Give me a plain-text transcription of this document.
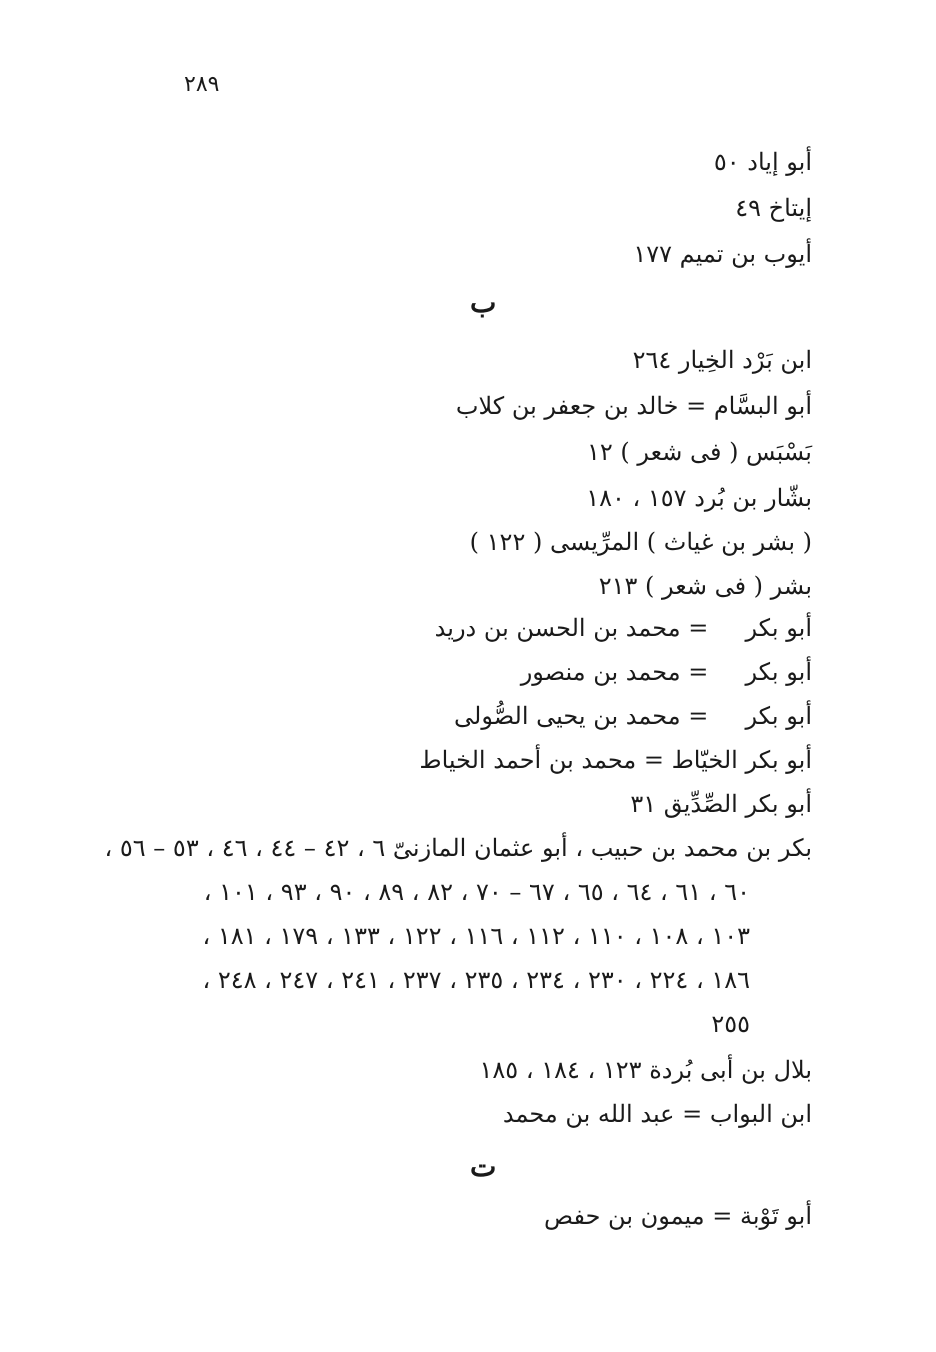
٢٨٩
أبو إياد ٥٠
إيتاخ ٤٩
أيوب بن تميم ١٧٧
ب
ابن بَرْد الخِيار ٢٦٤
أبو البسَّام = خالد بن جعفر بن كلاب
بَسْبَس ( فى شعر ) ١٢
بشّار بن بُرد ١٥٧ ، ١٨٠
( بشر بن غياث ) المرِّيسى ( ١٢٢ )
بشر ( فى شعر ) ٢١٣
أبو بكر = محمد بن الحسن بن دريد
أبو بكر = محمد بن منصور
أبو بكر = محمد بن يحيى الصُّولى
أبو بكر الخيّاط = محمد بن أحمد الخياط
أبو بكر الصِّدِّيق ٣١
بكر بن محمد بن حبيب ، أبو عثمان المازنىّ ٦ ، ٤٢ – ٤٤ ، ٤٦ ، ٥٣ – ٥٦ ،
٦٠ ، ٦١ ، ٦٤ ، ٦٥ ، ٦٧ – ٧٠ ، ٨٢ ، ٨٩ ، ٩٠ ، ٩٣ ، ١٠١ ،
١٠٣ ، ١٠٨ ، ١١٠ ، ١١٢ ، ١١٦ ، ١٢٢ ، ١٣٣ ، ١٧٩ ، ١٨١ ،
١٨٦ ، ٢٢٤ ، ٢٣٠ ، ٢٣٤ ، ٢٣٥ ، ٢٣٧ ، ٢٤١ ، ٢٤٧ ، ٢٤٨ ،
٢٥٥
بلال بن أبى بُردة ١٢٣ ، ١٨٤ ، ١٨٥
ابن البواب = عبد الله بن محمد
ت
أبو تَوْبة = ميمون بن حفص
